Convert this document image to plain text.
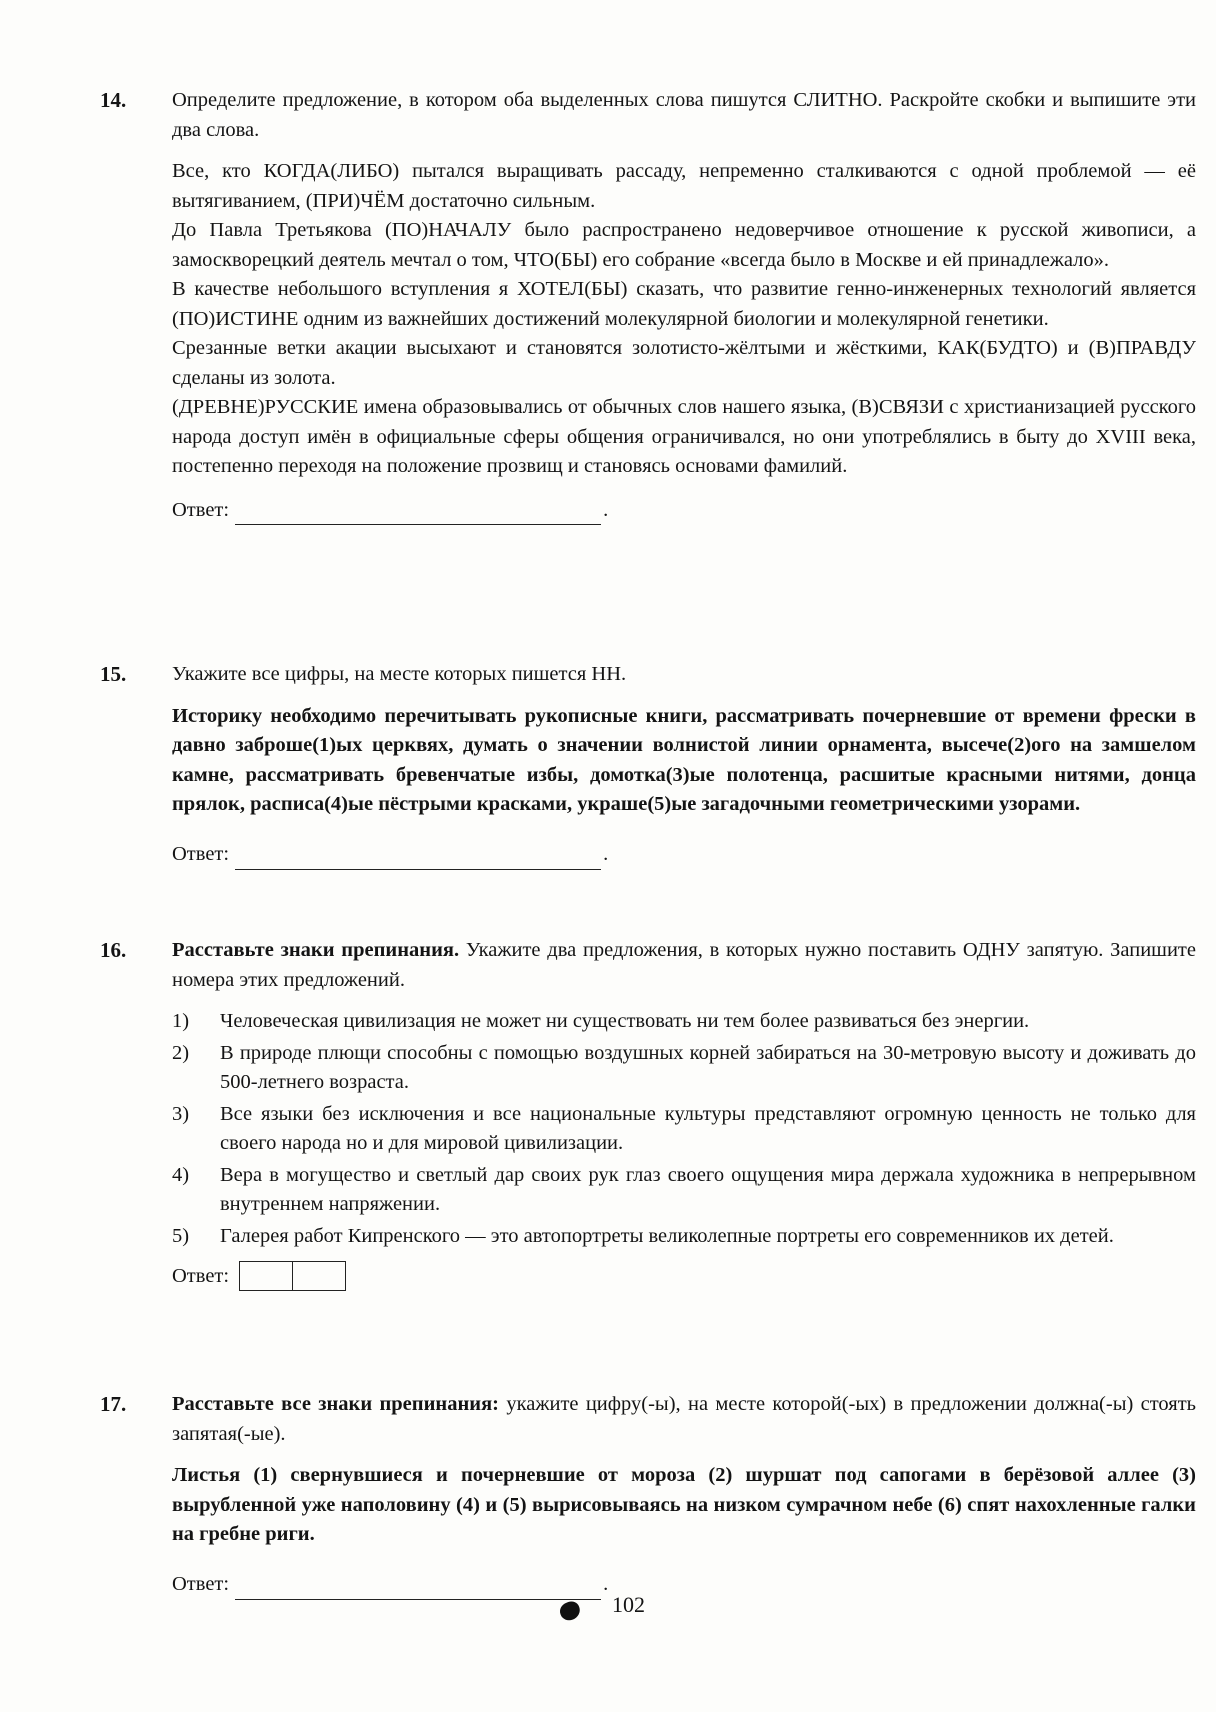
14. Определите предложение, в котором оба выделенных слова пишутся СЛИТНО. Раскройте скобки и выпишите эти два слова.

Все, кто КОГДА(ЛИБО) пытался выращивать рассаду, непременно сталкиваются с одной проблемой — её вытягиванием, (ПРИ)ЧЁМ достаточно сильным.

До Павла Третьякова (ПО)НАЧАЛУ было распространено недоверчивое отношение к русской живописи, а замоскворецкий деятель мечтал о том, ЧТО(БЫ) его собрание «всегда было в Москве и ей принадлежало».

В качестве небольшого вступления я ХОТЕЛ(БЫ) сказать, что развитие генно-инженерных технологий является (ПО)ИСТИНЕ одним из важнейших достижений молекулярной биологии и молекулярной генетики.

Срезанные ветки акации высыхают и становятся золотисто-жёлтыми и жёсткими, КАК(БУДТО) и (В)ПРАВДУ сделаны из золота.

(ДРЕВНЕ)РУССКИЕ имена образовывались от обычных слов нашего языка, (В)СВЯЗИ с христианизацией русского народа доступ имён в официальные сферы общения ограничивался, но они употреблялись в быту до XVIII века, постепенно переходя на положение прозвищ и становясь основами фамилий.

Ответ:	.
15. Укажите все цифры, на месте которых пишется НН.

Историку необходимо перечитывать рукописные книги, рассматривать почерневшие от времени фрески в давно заброше(1)ых церквях, думать о значении волнистой линии орнамента, высече(2)ого на замшелом камне, рассматривать бревенчатые избы, домотка(3)ые полотенца, расшитые красными нитями, донца прялок, расписа(4)ые пёстрыми красками, украше(5)ые загадочными геометрическими узорами.

Ответ:	.
16. Расставьте знаки препинания. Укажите два предложения, в которых нужно поставить ОДНУ запятую. Запишите номера этих предложений.

1)	Человеческая цивилизация не может ни существовать ни тем более развиваться без энергии.
2)	В природе плющи способны с помощью воздушных корней забираться на 30-метровую высоту и доживать до 500-летнего возраста.
3)	Все языки без исключения и все национальные культуры представляют огромную ценность не только для своего народа но и для мировой цивилизации.
4)	Вера в могущество и светлый дар своих рук глаз своего ощущения мира держала художника в непрерывном внутреннем напряжении.
5)	Галерея работ Кипренского — это автопортреты великолепные портреты его современников их детей.
Ответ:
17. Расставьте все знаки препинания: укажите цифру(-ы), на месте которой(-ых) в предложении должна(-ы) стоять запятая(-ые).

Листья (1) свернувшиеся и почерневшие от мороза (2) шуршат под сапогами в берёзовой аллее (3) вырубленной уже наполовину (4) и (5) вырисовываясь на низком сумрачном небе (6) спят нахохленные галки на гребне риги.

Ответ:	.
102
